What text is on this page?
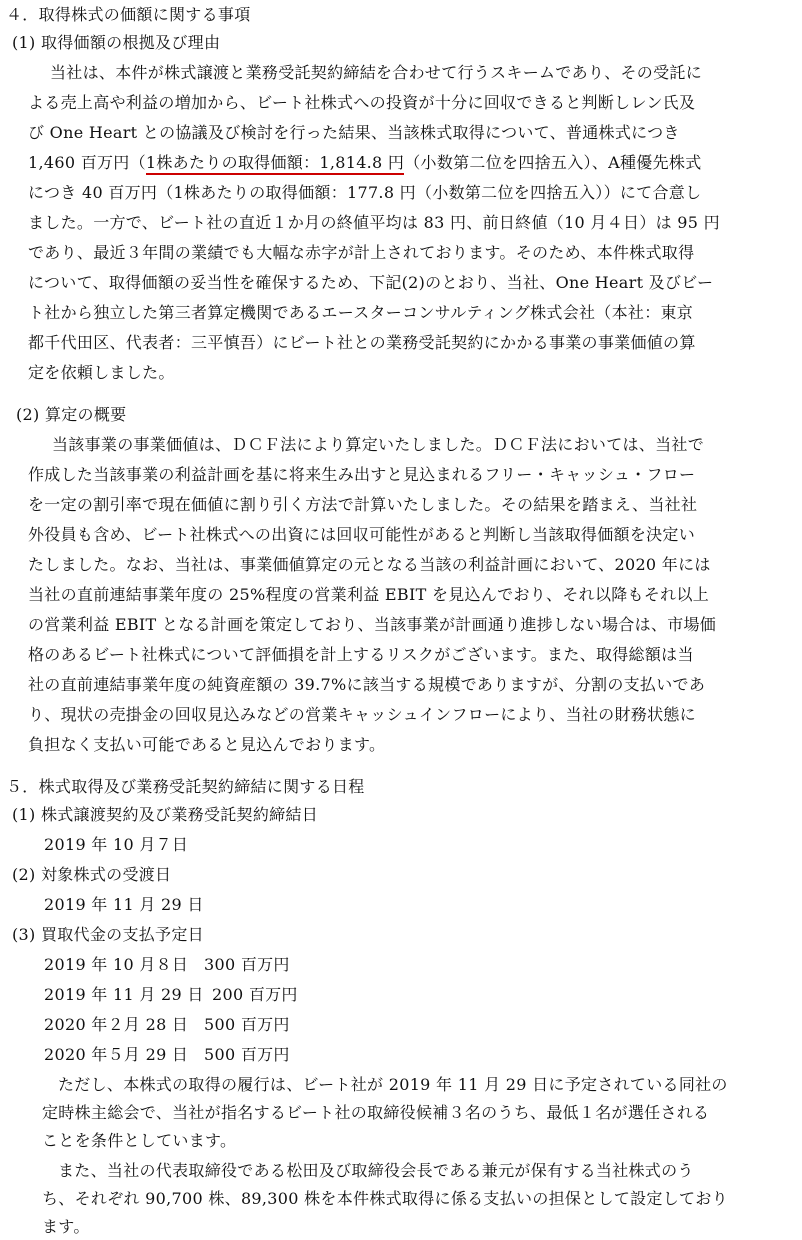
４．取得株式の価額に関する事項
(1) 取得価額の根拠及び理由
当社は、本件が株式譲渡と業務受託契約締結を合わせて行うスキームであり、その受託に
よる売上高や利益の増加から、ビート社株式への投資が十分に回収できると判断しレン氏及
び One Heart との協議及び検討を行った結果、当該株式取得について、普通株式につき
1,460 百万円（1株あたりの取得価額：1,814.8 円（小数第二位を四捨五入）、A種優先株式
につき 40 百万円（1株あたりの取得価額：177.8 円（小数第二位を四捨五入））にて合意し
ました。一方で、ビート社の直近１か月の終値平均は 83 円、前日終値（10 月４日）は 95 円
であり、最近３年間の業績でも大幅な赤字が計上されております。そのため、本件株式取得
について、取得価額の妥当性を確保するため、下記(2)のとおり、当社、One Heart 及びビー
ト社から独立した第三者算定機関であるエースターコンサルティング株式会社（本社：東京
都千代田区、代表者：三平慎吾）にビート社との業務受託契約にかかる事業の事業価値の算
定を依頼しました。
(2) 算定の概要
当該事業の事業価値は、ＤＣＦ法により算定いたしました。ＤＣＦ法においては、当社で
作成した当該事業の利益計画を基に将来生み出すと見込まれるフリー・キャッシュ・フロー
を一定の割引率で現在価値に割り引く方法で計算いたしました。その結果を踏まえ、当社社
外役員も含め、ビート社株式への出資には回収可能性があると判断し当該取得価額を決定い
たしました。なお、当社は、事業価値算定の元となる当該の利益計画において、2020 年には
当社の直前連結事業年度の 25%程度の営業利益 EBIT を見込んでおり、それ以降もそれ以上
の営業利益 EBIT となる計画を策定しており、当該事業が計画通り進捗しない場合は、市場価
格のあるビート社株式について評価損を計上するリスクがございます。また、取得総額は当
社の直前連結事業年度の純資産額の 39.7%に該当する規模でありますが、分割の支払いであ
り、現状の売掛金の回収見込みなどの営業キャッシュインフローにより、当社の財務状態に
負担なく支払い可能であると見込んでおります。
５．株式取得及び業務受託契約締結に関する日程
(1) 株式譲渡契約及び業務受託契約締結日
2019 年 10 月７日
(2) 対象株式の受渡日
2019 年 11 月 29 日
(3) 買取代金の支払予定日
2019 年 10 月８日 300 百万円
2019 年 11 月 29 日 200 百万円
2020 年２月 28 日 500 百万円
2020 年５月 29 日 500 百万円
ただし、本株式の取得の履行は、ビート社が 2019 年 11 月 29 日に予定されている同社の
定時株主総会で、当社が指名するビート社の取締役候補３名のうち、最低１名が選任される
ことを条件としています。
また、当社の代表取締役である松田及び取締役会長である兼元が保有する当社株式のう
ち、それぞれ 90,700 株、89,300 株を本件株式取得に係る支払いの担保として設定しており
ます。
